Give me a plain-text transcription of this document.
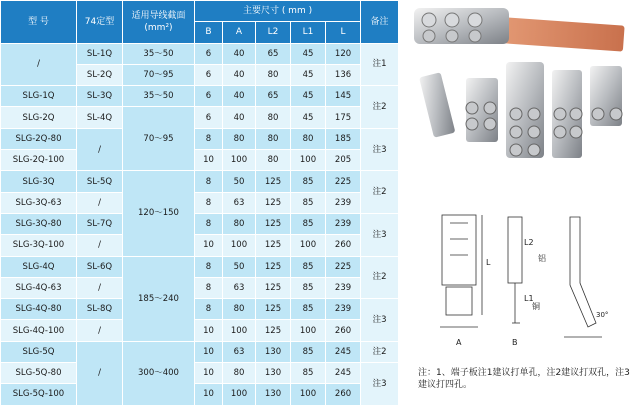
型 号	74定型	适用导线截面(mm²)	主要尺寸 ( mm )					备注
			B	A	L2	L1	L	
/	SL-1Q	35～50	6	40	65	45	120	注1
	SL-2Q	70～95	6	40	80	45	136	
SLG-1Q	SL-3Q	35～50	6	40	65	45	145	注2
SLG-2Q	SL-4Q	70～95	6	40	80	45	175	
SLG-2Q-80	/		8	80	80	80	185	注3
SLG-2Q-100			10	100	80	100	205	
SLG-3Q	SL-5Q	120～150	8	50	125	85	225	注2
SLG-3Q-63	/		8	63	125	85	239	
SLG-3Q-80	SL-7Q		8	80	125	85	239	注3
SLG-3Q-100	/		10	100	125	100	260	
SLG-4Q	SL-6Q	185～240	8	50	125	85	225	注2
SLG-4Q-63	/		8	63	125	85	239	
SLG-4Q-80	SL-8Q		8	80	125	85	239	注3
SLG-4Q-100	/		10	100	125	100	260	
SLG-5Q	/	300～400	10	63	130	85	245	注2
SLG-5Q-80			10	80	130	85	245	注3
SLG-5Q-100			10	100	130	100	260	
A	B
L
L1
L2
铜
铝
30°
注：1、端子板注1建议打单孔，注2建议打双孔，注3建议打四孔。
